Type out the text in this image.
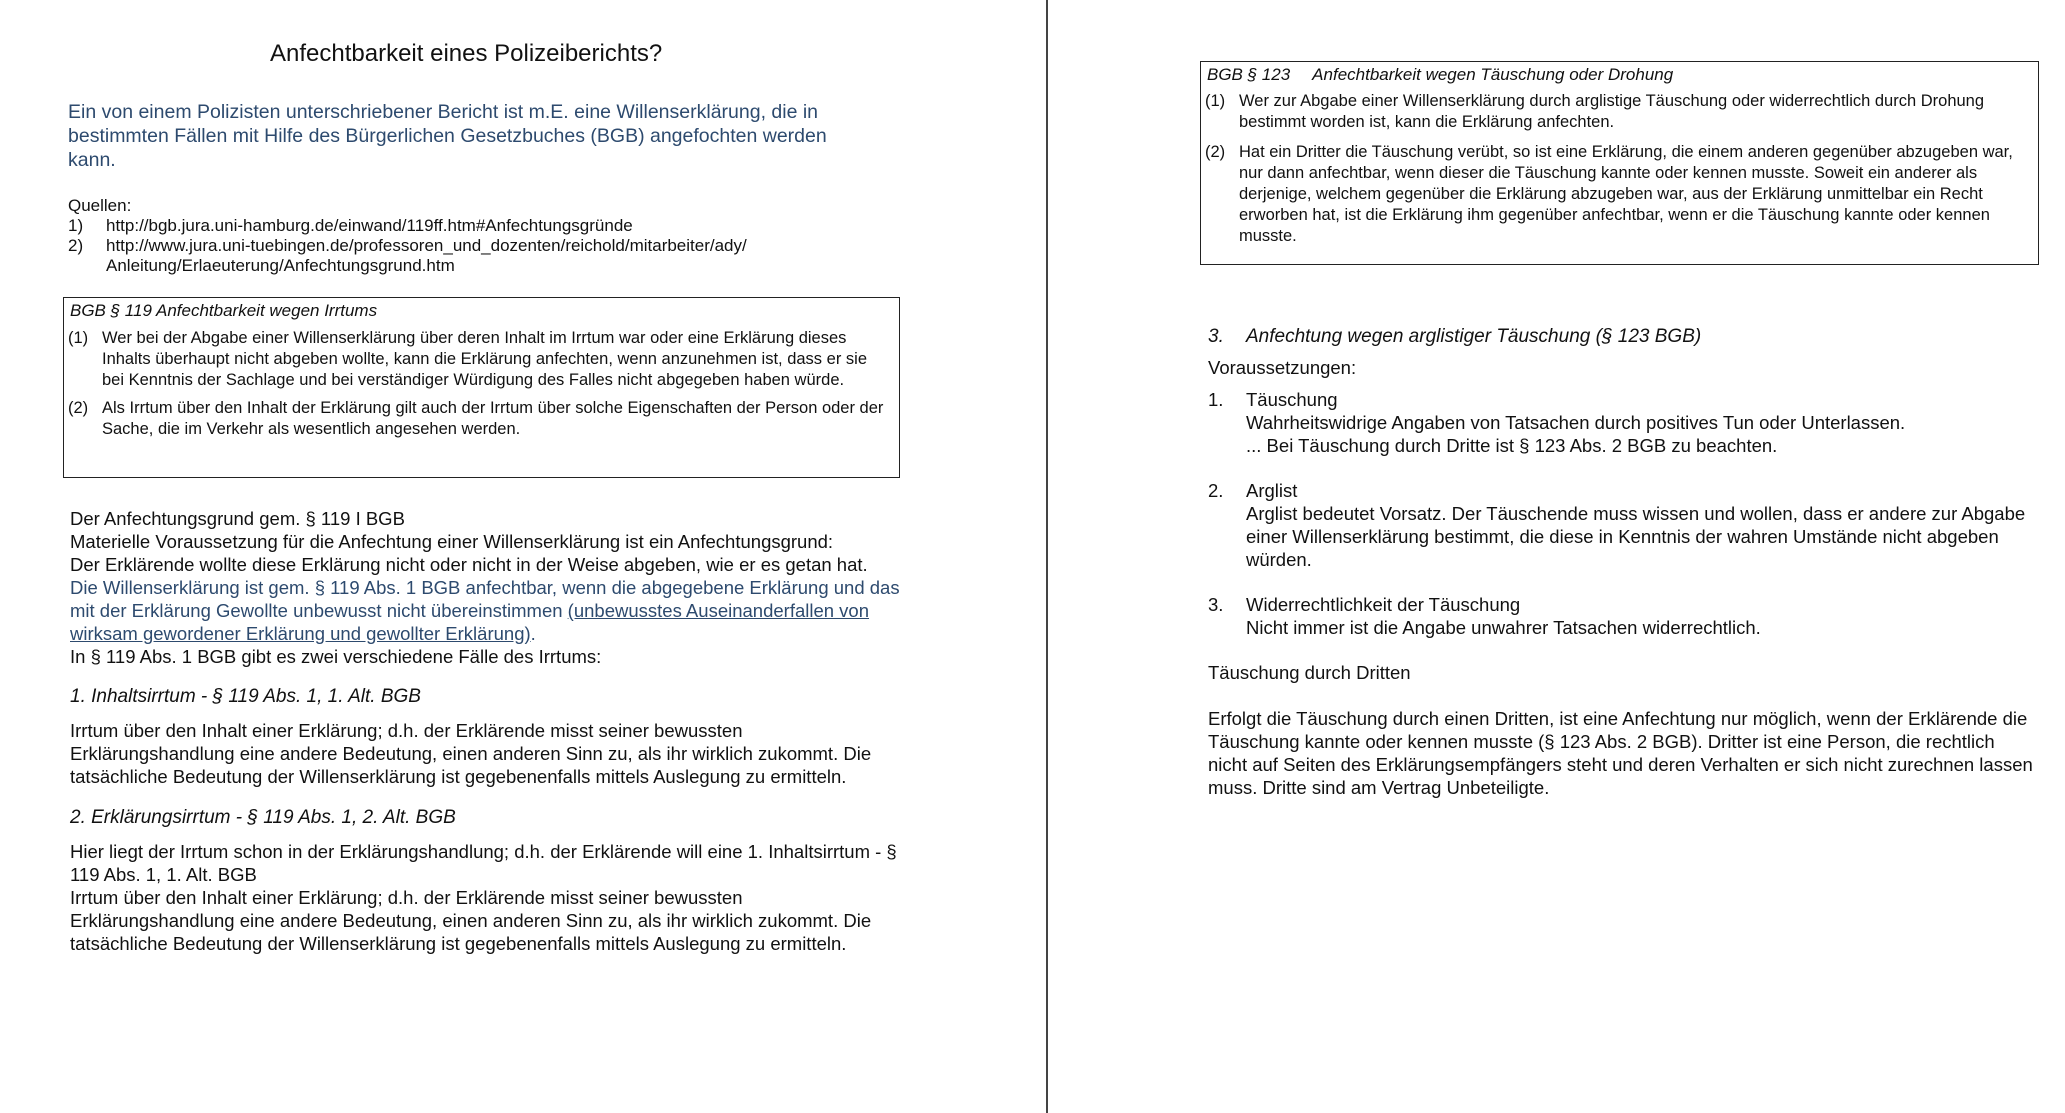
Anfechtbarkeit eines Polizeiberichts?
Ein von einem Polizisten unterschriebener Bericht ist m.E. eine Willenserklärung, die in bestimmten Fällen mit Hilfe des Bürgerlichen Gesetzbuches (BGB) angefochten werden kann.
Quellen:
1)	http://bgb.jura.uni-hamburg.de/einwand/119ff.htm#Anfechtungsgründe
2)	http://www.jura.uni-tuebingen.de/professoren_und_dozenten/reichold/mitarbeiter/ady/ Anleitung/Erlaeuterung/Anfechtungsgrund.htm
BGB § 119 Anfechtbarkeit wegen Irrtums
(1) Wer bei der Abgabe einer Willenserklärung über deren Inhalt im Irrtum war oder eine Erklärung dieses Inhalts überhaupt nicht abgeben wollte, kann die Erklärung anfechten, wenn anzunehmen ist, dass er sie bei Kenntnis der Sachlage und bei verständiger Würdigung des Falles nicht abgegeben haben würde.
(2) Als Irrtum über den Inhalt der Erklärung gilt auch der Irrtum über solche Eigenschaften der Person oder der Sache, die im Verkehr als wesentlich angesehen werden.
Der Anfechtungsgrund gem. § 119 I BGB
Materielle Voraussetzung für die Anfechtung einer Willenserklärung ist ein Anfechtungsgrund:
Der Erklärende wollte diese Erklärung nicht oder nicht in der Weise abgeben, wie er es getan hat.
Die Willenserklärung ist gem. § 119 Abs. 1 BGB anfechtbar, wenn die abgegebene Erklärung und das mit der Erklärung Gewollte unbewusst nicht übereinstimmen (unbewusstes Auseinanderfallen von wirksam gewordener Erklärung und gewollter Erklärung).
In § 119 Abs. 1 BGB gibt es zwei verschiedene Fälle des Irrtums:
1. Inhaltsirrtum - § 119 Abs. 1, 1. Alt. BGB
Irrtum über den Inhalt einer Erklärung; d.h. der Erklärende misst seiner bewussten Erklärungshandlung eine andere Bedeutung, einen anderen Sinn zu, als ihr wirklich zukommt. Die tatsächliche Bedeutung der Willenserklärung ist gegebenenfalls mittels Auslegung zu ermitteln.
2. Erklärungsirrtum - § 119 Abs. 1, 2. Alt. BGB
Hier liegt der Irrtum schon in der Erklärungshandlung; d.h. der Erklärende will eine 1. Inhaltsirrtum - § 119 Abs. 1, 1. Alt. BGB
Irrtum über den Inhalt einer Erklärung; d.h. der Erklärende misst seiner bewussten Erklärungshandlung eine andere Bedeutung, einen anderen Sinn zu, als ihr wirklich zukommt. Die tatsächliche Bedeutung der Willenserklärung ist gegebenenfalls mittels Auslegung zu ermitteln.
BGB § 123 Anfechtbarkeit wegen Täuschung oder Drohung
(1) Wer zur Abgabe einer Willenserklärung durch arglistige Täuschung oder widerrechtlich durch Drohung bestimmt worden ist, kann die Erklärung anfechten.
(2) Hat ein Dritter die Täuschung verübt, so ist eine Erklärung, die einem anderen gegenüber abzugeben war, nur dann anfechtbar, wenn dieser die Täuschung kannte oder kennen musste. Soweit ein anderer als derjenige, welchem gegenüber die Erklärung abzugeben war, aus der Erklärung unmittelbar ein Recht erworben hat, ist die Erklärung ihm gegenüber anfechtbar, wenn er die Täuschung kannte oder kennen musste.
3.	Anfechtung wegen arglistiger Täuschung (§ 123 BGB)
Voraussetzungen:
1.	Täuschung
Wahrheitswidrige Angaben von Tatsachen durch positives Tun oder Unterlassen.
... Bei Täuschung durch Dritte ist § 123 Abs. 2 BGB zu beachten.
2.	Arglist
Arglist bedeutet Vorsatz. Der Täuschende muss wissen und wollen, dass er andere zur Abgabe einer Willenserklärung bestimmt, die diese in Kenntnis der wahren Umstände nicht abgeben würden.
3.	Widerrechtlichkeit der Täuschung
Nicht immer ist die Angabe unwahrer Tatsachen widerrechtlich.
Täuschung durch Dritten
Erfolgt die Täuschung durch einen Dritten, ist eine Anfechtung nur möglich, wenn der Erklärende die Täuschung kannte oder kennen musste (§ 123 Abs. 2 BGB). Dritter ist eine Person, die rechtlich nicht auf Seiten des Erklärungsempfängers steht und deren Verhalten er sich nicht zurechnen lassen muss. Dritte sind am Vertrag Unbeteiligte.
